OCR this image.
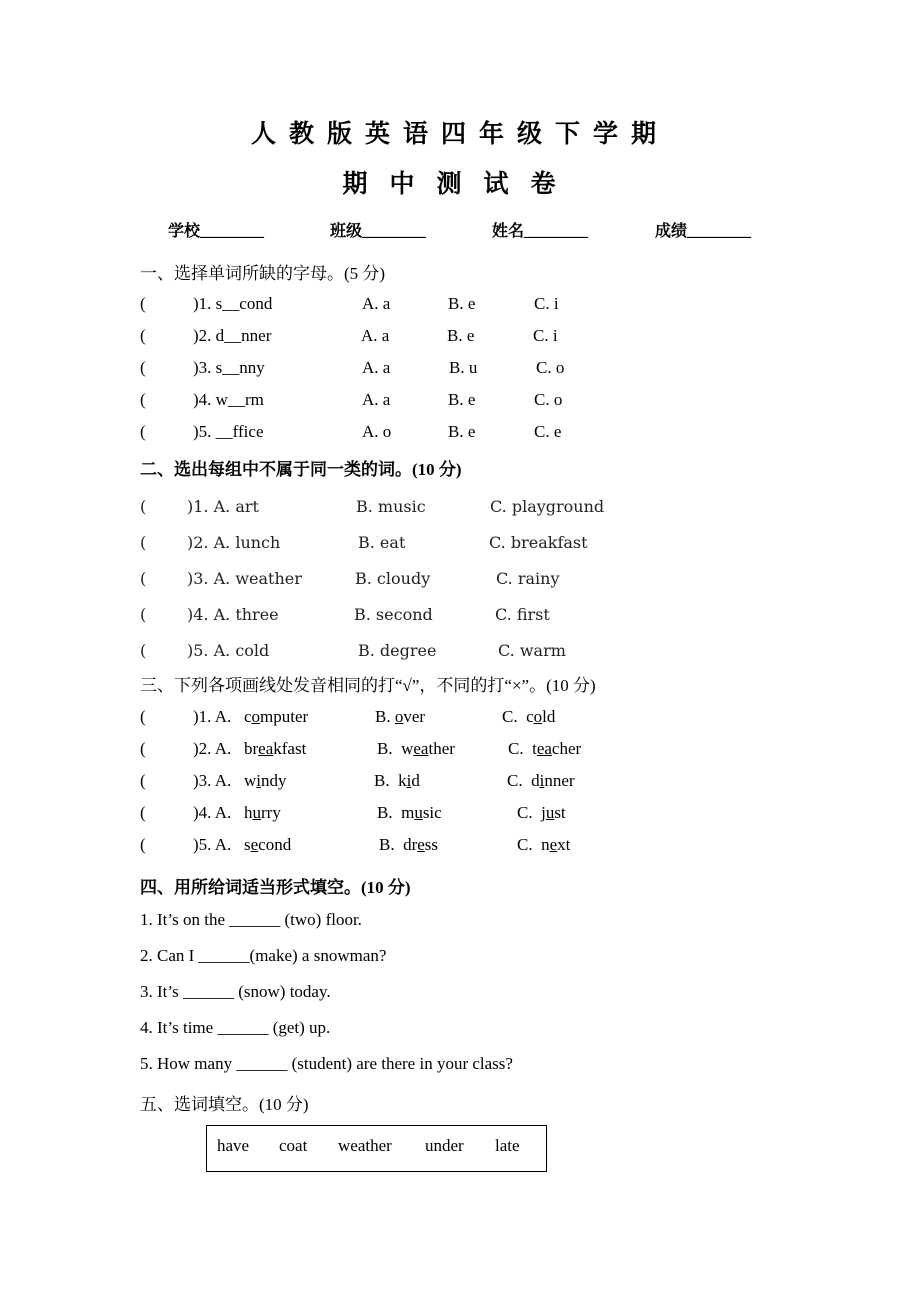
人教版英语四年级下学期
期中测试卷
学校________	班级________	姓名________	成绩________
一、选择单词所缺的字母。(5 分)
(	)1. s__cond	A. a	B. e	C. i
(	)2. d__nner	A. a	B. e	C. i
(	)3. s__nny	A. a	B. u	C. o
(	)4. w__rm	A. a	B. e	C. o
(	)5. __ffice	A. o	B. e	C. e
二、选出每组中不属于同一类的词。(10 分)
(	)1. A. art	B. music	C. playground
(	)2. A. lunch	B. eat	C. breakfast
(	)3. A. weather	B. cloudy	C. rainy
(	)4. A. three	B. second	C. first
(	)5. A. cold	B. degree	C. warm
三、下列各项画线处发音相同的打“√”，不同的打“×”。(10 分)
(	)1. A. computer	B. over	C.  cold
(	)2. A. breakfast	B.  weather	C.  teacher
(	)3. A. windy	B.  kid	C.  dinner
(	)4. A. hurry	B.  music	C.  just
(	)5. A. second	B.  dress	C.  next
四、用所给词适当形式填空。(10 分)
1. It’s on the ______ (two) floor.
2. Can I ______(make) a snowman?
3. It’s ______ (snow) today.
4. It’s time ______ (get) up.
5. How many ______ (student) are there in your class?
五、选词填空。(10 分)
have coat weather under late
